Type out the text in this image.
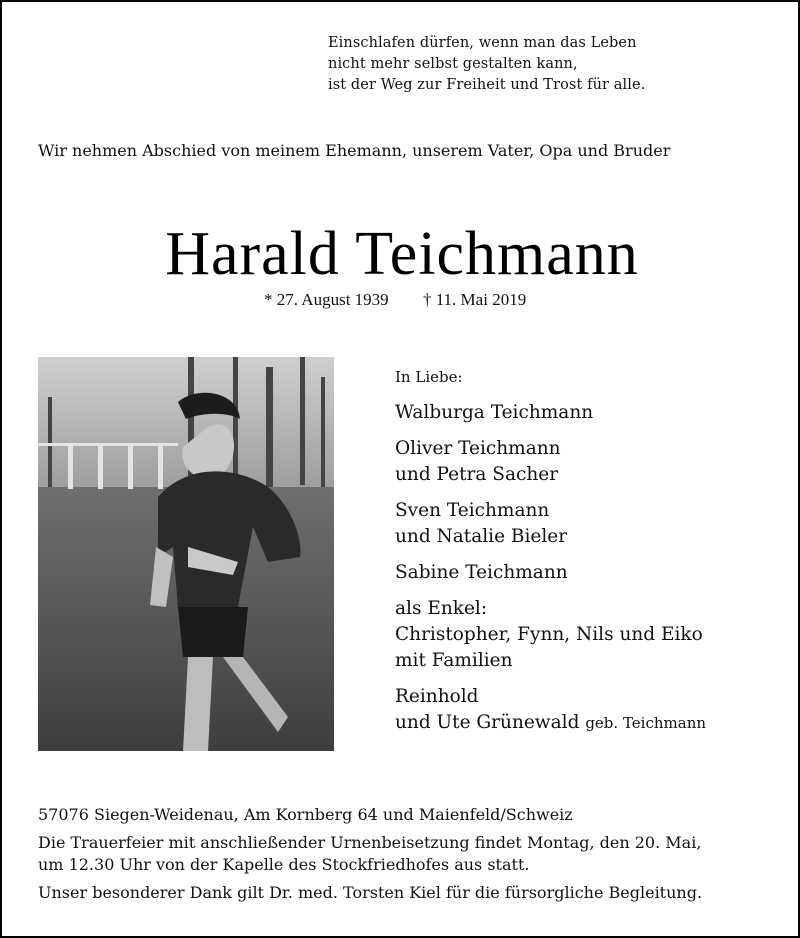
Einschlafen dürfen, wenn man das Leben
nicht mehr selbst gestalten kann,
ist der Weg zur Freiheit und Trost für alle.
Wir nehmen Abschied von meinem Ehemann, unserem Vater, Opa und Bruder
Harald Teichmann
* 27. August 1939 † 11. Mai 2019
In Liebe:
Walburga Teichmann
Oliver Teichmann
und Petra Sacher
Sven Teichmann
und Natalie Bieler
Sabine Teichmann
als Enkel:
Christopher, Fynn, Nils und Eiko
mit Familien
Reinhold
und Ute Grünewald geb. Teichmann
57076 Siegen-Weidenau, Am Kornberg 64 und Maienfeld/Schweiz
Die Trauerfeier mit anschließender Urnenbeisetzung findet Montag, den 20. Mai,
um 12.30 Uhr von der Kapelle des Stockfriedhofes aus statt.
Unser besonderer Dank gilt Dr. med. Torsten Kiel für die fürsorgliche Begleitung.
